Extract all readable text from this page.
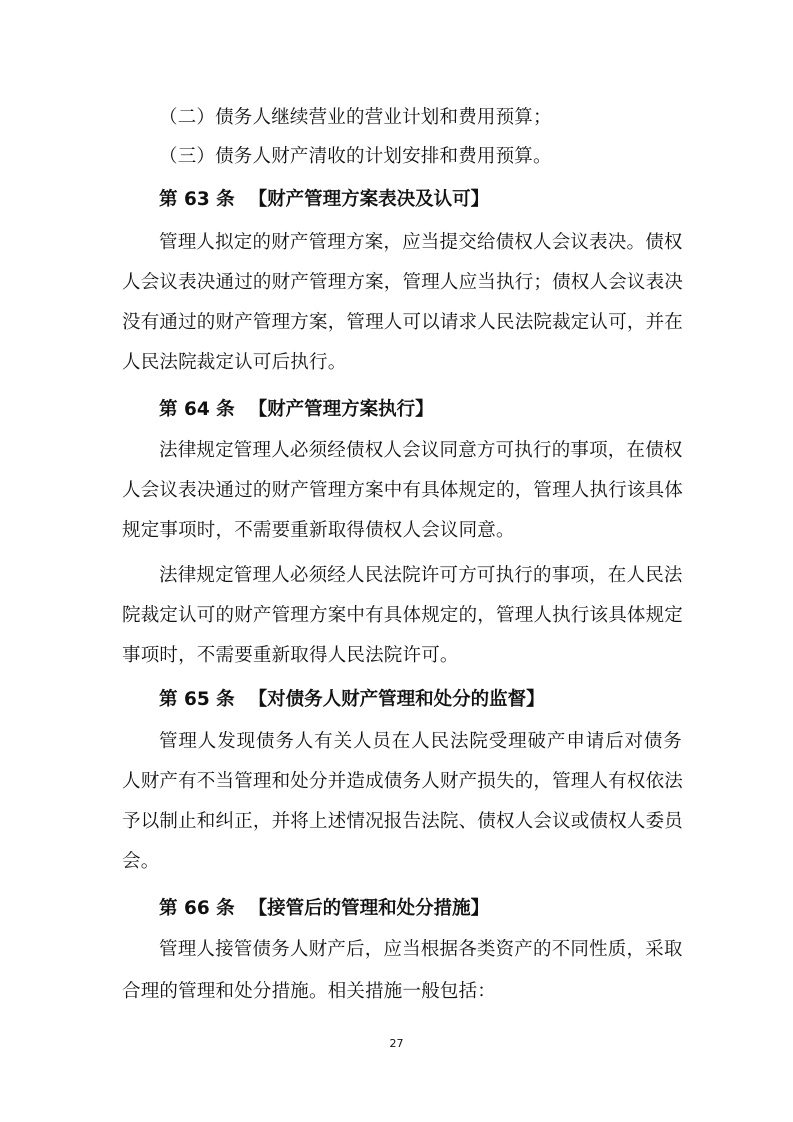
（二）债务人继续营业的营业计划和费用预算；
（三）债务人财产清收的计划安排和费用预算。
第 63 条 【财产管理方案表决及认可】
管理人拟定的财产管理方案，应当提交给债权人会议表决。债权
人会议表决通过的财产管理方案，管理人应当执行；债权人会议表决
没有通过的财产管理方案，管理人可以请求人民法院裁定认可，并在
人民法院裁定认可后执行。
第 64 条 【财产管理方案执行】
法律规定管理人必须经债权人会议同意方可执行的事项，在债权
人会议表决通过的财产管理方案中有具体规定的，管理人执行该具体
规定事项时，不需要重新取得债权人会议同意。
法律规定管理人必须经人民法院许可方可执行的事项，在人民法
院裁定认可的财产管理方案中有具体规定的，管理人执行该具体规定
事项时，不需要重新取得人民法院许可。
第 65 条 【对债务人财产管理和处分的监督】
管理人发现债务人有关人员在人民法院受理破产申请后对债务
人财产有不当管理和处分并造成债务人财产损失的，管理人有权依法
予以制止和纠正，并将上述情况报告法院、债权人会议或债权人委员
会。
第 66 条 【接管后的管理和处分措施】
管理人接管债务人财产后，应当根据各类资产的不同性质，采取
合理的管理和处分措施。相关措施一般包括：
27
